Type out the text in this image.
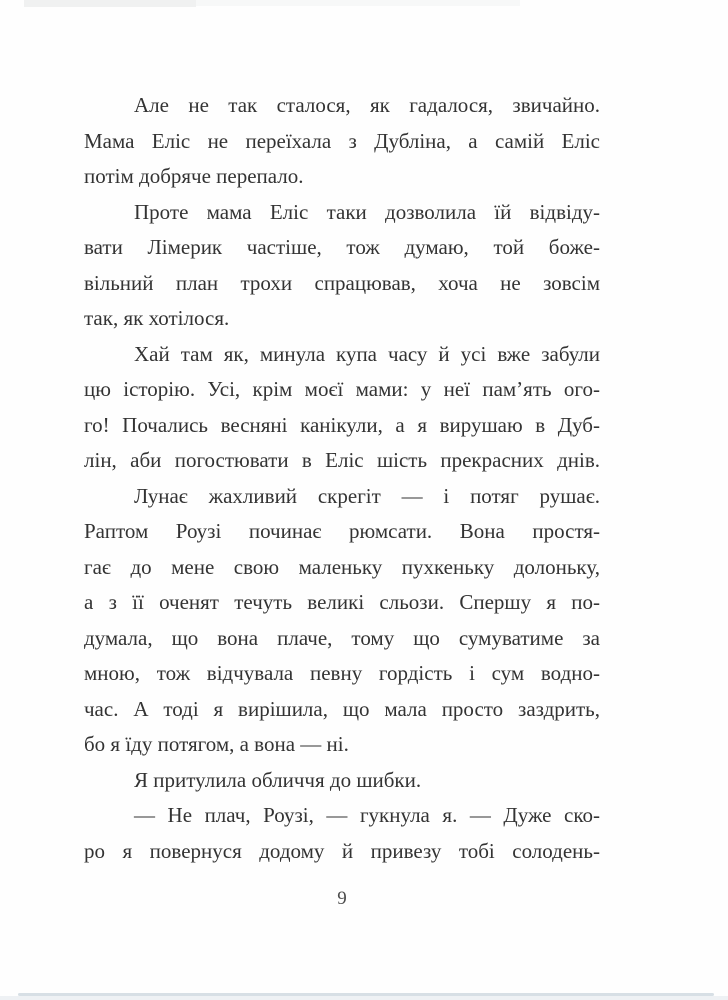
Але не так сталося, як гадалося, звичайно.
Мама Еліс не переїхала з Дубліна, а самій Еліс
потім добряче перепало.
Проте мама Еліс таки дозволила їй відвіду-
вати Лімерик частіше, тож думаю, той боже-
вільний план трохи спрацював, хоча не зовсім
так, як хотілося.
Хай там як, минула купа часу й усі вже забули
цю історію. Усі, крім моєї мами: у неї пам’ять ого-
го! Почались весняні канікули, а я вирушаю в Дуб-
лін, аби погостювати в Еліс шість прекрасних днів.
Лунає жахливий скрегіт — і потяг рушає.
Раптом Роузі починає рюмсати. Вона простя-
гає до мене свою маленьку пухкеньку долоньку,
а з її оченят течуть великі сльози. Спершу я по-
думала, що вона плаче, тому що сумуватиме за
мною, тож відчувала певну гордість і сум водно-
час. А тоді я вирішила, що мала просто заздрить,
бо я їду потягом, а вона — ні.
Я притулила обличчя до шибки.
— Не плач, Роузі, — гукнула я. — Дуже ско-
ро я повернуся додому й привезу тобі солодень-
9
